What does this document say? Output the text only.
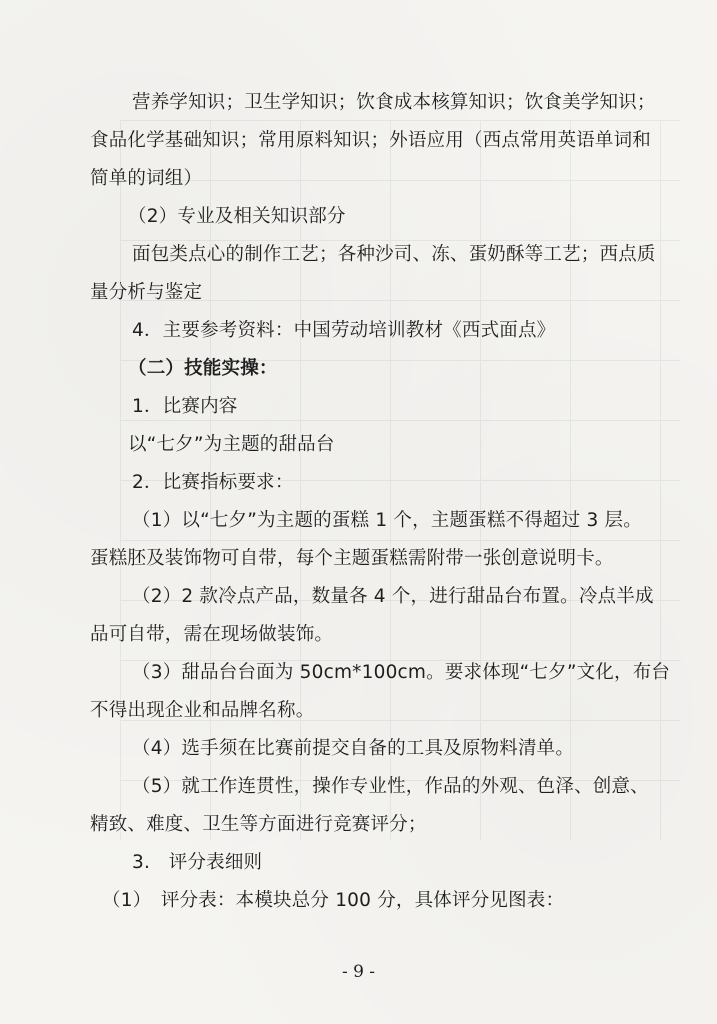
营养学知识；卫生学知识；饮食成本核算知识；饮食美学知识；
食品化学基础知识；常用原料知识；外语应用（西点常用英语单词和
简单的词组）
（2）专业及相关知识部分
面包类点心的制作工艺；各种沙司、冻、蛋奶酥等工艺；西点质
量分析与鉴定
4．主要参考资料：中国劳动培训教材《西式面点》
（二）技能实操：
1．比赛内容
以“七夕”为主题的甜品台
2．比赛指标要求：
（1）以“七夕”为主题的蛋糕 1 个，主题蛋糕不得超过 3 层。
蛋糕胚及装饰物可自带，每个主题蛋糕需附带一张创意说明卡。
（2）2 款冷点产品，数量各 4 个，进行甜品台布置。冷点半成
品可自带，需在现场做装饰。
（3）甜品台台面为 50cm*100cm。要求体现“七夕”文化，布台
不得出现企业和品牌名称。
（4）选手须在比赛前提交自备的工具及原物料清单。
（5）就工作连贯性，操作专业性，作品的外观、色泽、创意、
精致、难度、卫生等方面进行竞赛评分；
3.　评分表细则
（1）　评分表：本模块总分 100 分，具体评分见图表：
- 9 -
